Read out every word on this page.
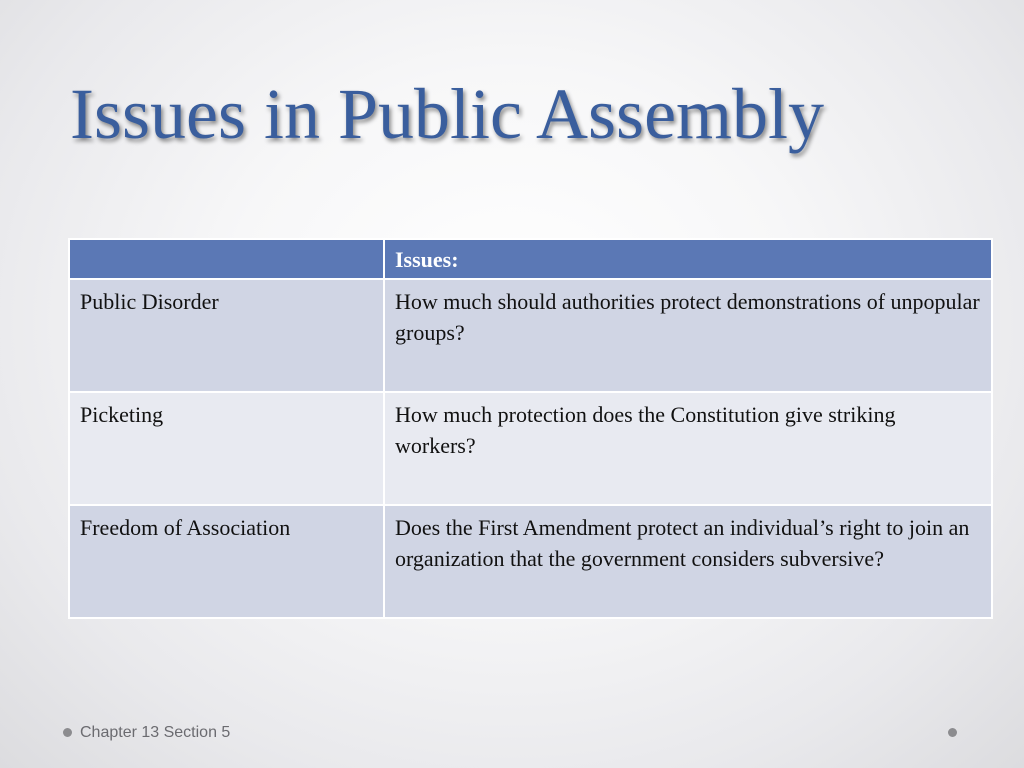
Issues in Public Assembly
	Issues:
Public Disorder	How much should authorities protect demonstrations of unpopular groups?
Picketing	How much protection does the Constitution give striking workers?
Freedom of Association	Does the First Amendment protect an individual’s right to join an organization that the government considers subversive?
Chapter 13 Section 5
